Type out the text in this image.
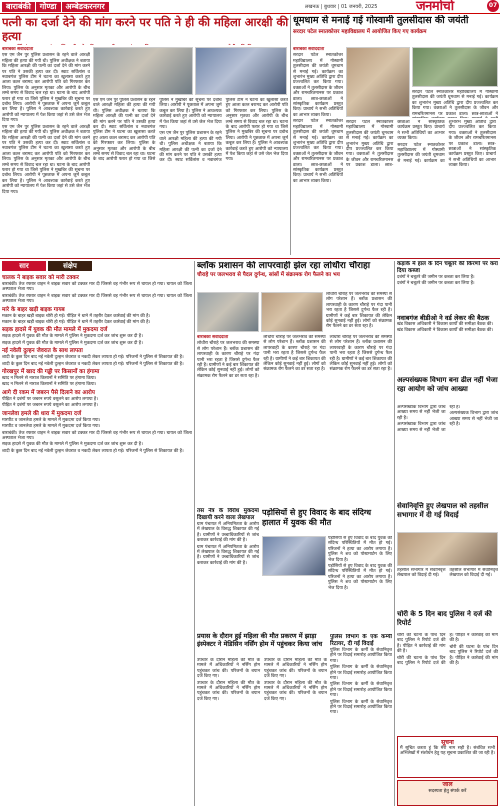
बाराबंकी	गोण्डा	अम्बेडकरनगर	लखनऊ | बुधवार | 01 जनवरी, 2025	जनमोर्चा	07
पत्नी का दर्जा देने की मांग करने पर पति ने ही की महिला आरक्षी की हत्या

बाराबंकी संवाददाता

एस एम जैन पुर पुलिस प्रशासन के रहने वाले आरक्षी महिला की हत्या की गयी थी। पुलिस अधीक्षक ने बताया कि महिला आरक्षी की पत्नी का दर्जा देने की मांग करने पर पति ने उसकी हत्या कर दी। स्वाट सर्विलांस व नवाबगंज पुलिस टीम ने घटना का खुलासा करते हुए आला कत्ल बरामद कर आरोपी पति को गिरफ्तार कर लिया। पुलिस के अनुसार मृतका और आरोपी के बीच लम्बे समय से विवाद चल रहा था। घटना के बाद आरोपी फरार हो गया था जिसे पुलिस ने मुखबिर की सूचना पर दबोच लिया। आरोपी ने पूछताछ में अपना जुर्म कबूल कर लिया है। पुलिस ने आवश्यक कार्रवाई करते हुए आरोपी को न्यायालय में पेश किया जहां से उसे जेल भेज दिया गया।

एस एम जैन पुर पुलिस प्रशासन के रहने वाले आरक्षी महिला की हत्या की गयी थी। पुलिस अधीक्षक ने बताया कि महिला आरक्षी की पत्नी का दर्जा देने की मांग करने पर पति ने उसकी हत्या कर दी। स्वाट सर्विलांस व नवाबगंज पुलिस टीम ने घटना का खुलासा करते हुए आला कत्ल बरामद कर आरोपी पति को गिरफ्तार कर लिया। पुलिस के अनुसार मृतका और आरोपी के बीच लम्बे समय से विवाद चल रहा था। घटना के बाद आरोपी फरार हो गया था जिसे पुलिस ने मुखबिर की सूचना पर दबोच लिया। आरोपी ने पूछताछ में अपना जुर्म कबूल कर लिया है। पुलिस ने आवश्यक कार्रवाई करते हुए आरोपी को न्यायालय में पेश किया जहां से उसे जेल भेज दिया गया।

एस एम जैन पुर पुलिस प्रशासन के रहने वाले आरक्षी महिला की हत्या की गयी थी। पुलिस अधीक्षक ने बताया कि महिला आरक्षी की पत्नी का दर्जा देने की मांग करने पर पति ने उसकी हत्या कर दी। स्वाट सर्विलांस व नवाबगंज पुलिस टीम ने घटना का खुलासा करते हुए आला कत्ल बरामद कर आरोपी पति को गिरफ्तार कर लिया। पुलिस के अनुसार मृतका और आरोपी के बीच लम्बे समय से विवाद चल रहा था। घटना के बाद आरोपी फरार हो गया था जिसे पुलिस ने मुखबिर की सूचना पर दबोच लिया। आरोपी ने पूछताछ में अपना जुर्म कबूल कर लिया है। पुलिस ने आवश्यक कार्रवाई करते हुए आरोपी को न्यायालय में पेश किया जहां से उसे जेल भेज दिया गया।

एस एम जैन पुर पुलिस प्रशासन के रहने वाले आरक्षी महिला की हत्या की गयी थी। पुलिस अधीक्षक ने बताया कि महिला आरक्षी की पत्नी का दर्जा देने की मांग करने पर पति ने उसकी हत्या कर दी। स्वाट सर्विलांस व नवाबगंज पुलिस टीम ने घटना का खुलासा करते हुए आला कत्ल बरामद कर आरोपी पति को गिरफ्तार कर लिया। पुलिस के अनुसार मृतका और आरोपी के बीच लम्बे समय से विवाद चल रहा था। घटना के बाद आरोपी फरार हो गया था जिसे पुलिस ने मुखबिर की सूचना पर दबोच लिया। आरोपी ने पूछताछ में अपना जुर्म कबूल कर लिया है। पुलिस ने आवश्यक कार्रवाई करते हुए आरोपी को न्यायालय में पेश किया जहां से उसे जेल भेज दिया गया।

धूमधाम से मनाई गई गोस्वामी तुलसीदास की जयंती
सरदार पटेल स्नातकोत्तर महाविद्यालय में आयोजित किए गए कार्यक्रम

बाराबंकी संवाददाता

सरदार पटेल स्नातकोत्तर महाविद्यालय में गोस्वामी तुलसीदास की जयंती धूमधाम से मनाई गई। कार्यक्रम का शुभारंभ मुख्य अतिथि द्वारा दीप प्रज्ज्वलित कर किया गया। वक्ताओं ने तुलसीदास के जीवन और रामचरितमानस पर प्रकाश डाला। छात्र-छात्राओं ने सांस्कृतिक कार्यक्रम प्रस्तुत किए। प्राचार्य ने सभी अतिथियों का आभार व्यक्त किया।

सरदार पटेल स्नातकोत्तर महाविद्यालय में गोस्वामी तुलसीदास की जयंती धूमधाम से मनाई गई। कार्यक्रम का शुभारंभ मुख्य अतिथि द्वारा दीप प्रज्ज्वलित कर किया गया। वक्ताओं ने तुलसीदास के जीवन और रामचरितमानस पर प्रकाश डाला। छात्र-छात्राओं ने सांस्कृतिक कार्यक्रम प्रस्तुत किए। प्राचार्य ने सभी अतिथियों का आभार व्यक्त किया।

सरदार पटेल स्नातकोत्तर महाविद्यालय में गोस्वामी तुलसीदास की जयंती धूमधाम से मनाई गई। कार्यक्रम का शुभारंभ मुख्य अतिथि द्वारा दीप प्रज्ज्वलित कर किया गया। वक्ताओं ने तुलसीदास के जीवन और रामचरितमानस पर प्रकाश डाला। छात्र-छात्राओं ने सांस्कृतिक कार्यक्रम प्रस्तुत किए। प्राचार्य ने सभी अतिथियों का आभार व्यक्त किया।

सरदार पटेल स्नातकोत्तर महाविद्यालय में गोस्वामी तुलसीदास की जयंती धूमधाम से मनाई गई। कार्यक्रम का शुभारंभ मुख्य अतिथि द्वारा दीप प्रज्ज्वलित कर किया गया। वक्ताओं ने तुलसीदास के जीवन और रामचरितमानस पर प्रकाश डाला। छात्र-छात्राओं ने सांस्कृतिक कार्यक्रम प्रस्तुत किए। प्राचार्य ने सभी अतिथियों का आभार व्यक्त किया।

सरदार पटेल स्नातकोत्तर महाविद्यालय में गोस्वामी तुलसीदास की जयंती धूमधाम से मनाई गई। कार्यक्रम का शुभारंभ मुख्य अतिथि द्वारा दीप प्रज्ज्वलित कर किया गया। वक्ताओं ने तुलसीदास के जीवन और रामचरितमानस पर प्रकाश डाला। छात्र-छात्राओं ने

सार	संक्षेप
चालक ने बाइक सवार को मारी टक्कर

बाराबंकी। तेज रफ्तार वाहन ने बाइक सवार को टक्कर मार दी जिससे वह गंभीर रूप से घायल हो गया। घायल को जिला अस्पताल भेजा गया।

बाराबंकी। तेज रफ्तार वाहन ने बाइक सवार को टक्कर मार दी जिससे वह गंभीर रूप से घायल हो गया। घायल को जिला अस्पताल भेजा गया।

मारे के बाहर खड़ी बाइक गायब

मकान के बाहर खड़ी बाइक चोरी हो गई। पीड़ित ने थाने में तहरीर देकर कार्रवाई की मांग की है।

मकान के बाहर खड़ी बाइक चोरी हो गई। पीड़ित ने थाने में तहरीर देकर कार्रवाई की मांग की है।

सड़क हादसे में युवक की मौत मामले में मुकदमा दर्ज

सड़क हादसे में युवक की मौत के मामले में पुलिस ने मुकदमा दर्ज कर जांच शुरू कर दी है।

सड़क हादसे में युवक की मौत के मामले में पुलिस ने मुकदमा दर्ज कर जांच शुरू कर दी है।

नई नवेली दुल्हन जेवरात के साथ लापता

शादी के कुछ दिन बाद नई नवेली दुल्हन जेवरात व नकदी लेकर लापता हो गई। परिजनों ने पुलिस से शिकायत की है।

शादी के कुछ दिन बाद नई नवेली दुल्हन जेवरात व नकदी लेकर लापता हो गई। परिजनों ने पुलिस से शिकायत की है।

गोरखपुर में खाद की गड्ढी पर किसानों का हंगामा

खाद न मिलने से नाराज किसानों ने समिति पर हंगामा किया।

खाद न मिलने से नाराज किसानों ने समिति पर हंगामा किया।

आगे दी रकम में जबरन पैसे दिलाने का आरोप

पीड़ित ने दबंगों पर जबरन रुपये वसूलने का आरोप लगाया है।

पीड़ित ने दबंगों पर जबरन रुपये वसूलने का आरोप लगाया है।

जानलेवा हमले की धारा में मुकदमा दर्ज

मारपीट व जानलेवा हमले के मामले में मुकदमा दर्ज किया गया।

मारपीट व जानलेवा हमले के मामले में मुकदमा दर्ज किया गया।

बाराबंकी। तेज रफ्तार वाहन ने बाइक सवार को टक्कर मार दी जिससे वह गंभीर रूप से घायल हो गया। घायल को जिला अस्पताल भेजा गया।

सड़क हादसे में युवक की मौत के मामले में पुलिस ने मुकदमा दर्ज कर जांच शुरू कर दी है।

शादी के कुछ दिन बाद नई नवेली दुल्हन जेवरात व नकदी लेकर लापता हो गई। परिजनों ने पुलिस से शिकायत की है।

ब्लॉक प्रशासन की लापरवाही झेल रहा लोधौरा चौराहा
चौराहे पर जलभराव से पैदल दुर्गन्ध, सांसों में संक्रामक रोग फैलने का भय

बाराबंकी संवाददाता

लोधौरा चौराहे पर जलभराव की समस्या से लोग परेशान हैं। ब्लॉक प्रशासन की लापरवाही के कारण चौराहे पर गंदा पानी भरा रहता है जिससे दुर्गन्ध फैल रही है। ग्रामीणों ने कई बार शिकायत की लेकिन कोई सुनवाई नहीं हुई। लोगों को संक्रामक रोग फैलने का डर सता रहा है।

लोधौरा चौराहे पर जलभराव की समस्या से लोग परेशान हैं। ब्लॉक प्रशासन की लापरवाही के कारण चौराहे पर गंदा पानी भरा रहता है जिससे दुर्गन्ध फैल रही है। ग्रामीणों ने कई बार शिकायत की लेकिन कोई सुनवाई नहीं हुई। लोगों को संक्रामक रोग फैलने का डर सता रहा है।

लोधौरा चौराहे पर जलभराव की समस्या से लोग परेशान हैं। ब्लॉक प्रशासन की लापरवाही के कारण चौराहे पर गंदा पानी भरा रहता है जिससे दुर्गन्ध फैल रही है। ग्रामीणों ने कई बार शिकायत की लेकिन कोई सुनवाई नहीं हुई। लोगों को संक्रामक रोग फैलने का डर सता रहा है।

लोधौरा चौराहे पर जलभराव की समस्या से लोग परेशान हैं। ब्लॉक प्रशासन की लापरवाही के कारण चौराहे पर गंदा पानी भरा रहता है जिससे दुर्गन्ध फैल रही है। ग्रामीणों ने कई बार शिकायत की लेकिन कोई सुनवाई नहीं हुई। लोगों को संक्रामक रोग फैलने का डर सता रहा है।

तस नेत्र के विरोध मुकदमा दिखायी करने वाला लेखपाल

ग्राम पंचायत में अनियमितता के आरोप में लेखपाल के विरुद्ध शिकायत की गई है। ग्रामीणों ने उच्चाधिकारियों से जांच कराकर कार्रवाई की मांग की है।

ग्राम पंचायत में अनियमितता के आरोप में लेखपाल के विरुद्ध शिकायत की गई है। ग्रामीणों ने उच्चाधिकारियों से जांच कराकर कार्रवाई की मांग की है।

पड़ोसियों से हुए विवाद के बाद संदिग्ध हालात में युवक की मौत

पड़ोसियों से हुए विवाद के बाद युवक की संदिग्ध परिस्थितियों में मौत हो गई। परिजनों ने हत्या का आरोप लगाया है। पुलिस ने शव को पोस्टमार्टम के लिए भेज दिया है।

पड़ोसियों से हुए विवाद के बाद युवक की संदिग्ध परिस्थितियों में मौत हो गई। परिजनों ने हत्या का आरोप लगाया है। पुलिस ने शव को पोस्टमार्टम के लिए भेज दिया है।

प्रयास के दौरान हुई महिला की मौत प्रकरण में झाड़ा इंस्पेक्टर ने मेडिसिन नर्सिंग होम में पहुंचकर किया जांच

उपचार के दौरान महिला की मौत के मामले में अधिकारियों ने नर्सिंग होम पहुंचकर जांच की। परिजनों के बयान दर्ज किए गए।

उपचार के दौरान महिला की मौत के मामले में अधिकारियों ने नर्सिंग होम पहुंचकर जांच की। परिजनों के बयान दर्ज किए गए।

उपचार के दौरान महिला की मौत के मामले में अधिकारियों ने नर्सिंग होम पहुंचकर जांच की। परिजनों के बयान दर्ज किए गए।

उपचार के दौरान महिला की मौत के मामले में अधिकारियों ने नर्सिंग होम पहुंचकर जांच की। परिजनों के बयान दर्ज किए गए।

पुलिस विभाग के एक कम्यी रिटायर, दी गई विदाई

पुलिस विभाग के कर्मी के सेवानिवृत्त होने पर विदाई समारोह आयोजित किया गया।

पुलिस विभाग के कर्मी के सेवानिवृत्त होने पर विदाई समारोह आयोजित किया गया।

पुलिस विभाग के कर्मी के सेवानिवृत्त होने पर विदाई समारोह आयोजित किया गया।

पुलिस विभाग के कर्मी के सेवानिवृत्त होने पर विदाई समारोह आयोजित किया गया।

कड़ाके में हाल के दिन चबूतरे की किरणों पर करा दिया कब्जा

दबंगों ने चबूतरे की जमीन पर कब्जा कर लिया है।

दबंगों ने चबूतरे की जमीन पर कब्जा कर लिया है।

नवाबगंज बीडीओ ने वर्ड लेकर की बैठक

खंड विकास अधिकारी ने विकास कार्यों की समीक्षा बैठक की।

खंड विकास अधिकारी ने विकास कार्यों की समीक्षा बैठक की।

अल्पसंख्यक विभाग बना ढील नहीं भेजा रहा आयोग को जांच आख्या

अल्पसंख्यक विभाग द्वारा जांच आख्या समय से नहीं भेजी जा रही है।

अल्पसंख्यक विभाग द्वारा जांच आख्या समय से नहीं भेजी जा रही है।

अल्पसंख्यक विभाग द्वारा जांच आख्या समय से नहीं भेजी जा रही है।

सेवानिवृत्ति हुए लेखपाल को तहसील सभागार में दी गई विदाई

तहसील सभागार में सेवानिवृत्त लेखपाल को विदाई दी गई।

तहसील सभागार में सेवानिवृत्त लेखपाल को विदाई दी गई।

चोरी के 5 दिन बाद पुलिस ने दर्ज की रिपोर्ट

चोरी की घटना के पांच दिन बाद पुलिस ने रिपोर्ट दर्ज की है। पीड़ित ने कार्रवाई की मांग की है।

चोरी की घटना के पांच दिन बाद पुलिस ने रिपोर्ट दर्ज की है। पीड़ित ने कार्रवाई की मांग की है।

चोरी की घटना के पांच दिन बाद पुलिस ने रिपोर्ट दर्ज की है। पीड़ित ने कार्रवाई की मांग की है।

सूचना

मैं सूचित करता हूं कि मेरा नाम सही है। संबंधित सभी अभिलेखों में संशोधन हेतु यह सूचना प्रकाशित की जा रही है।

जाल
सदस्यता हेतु संपर्क करें
